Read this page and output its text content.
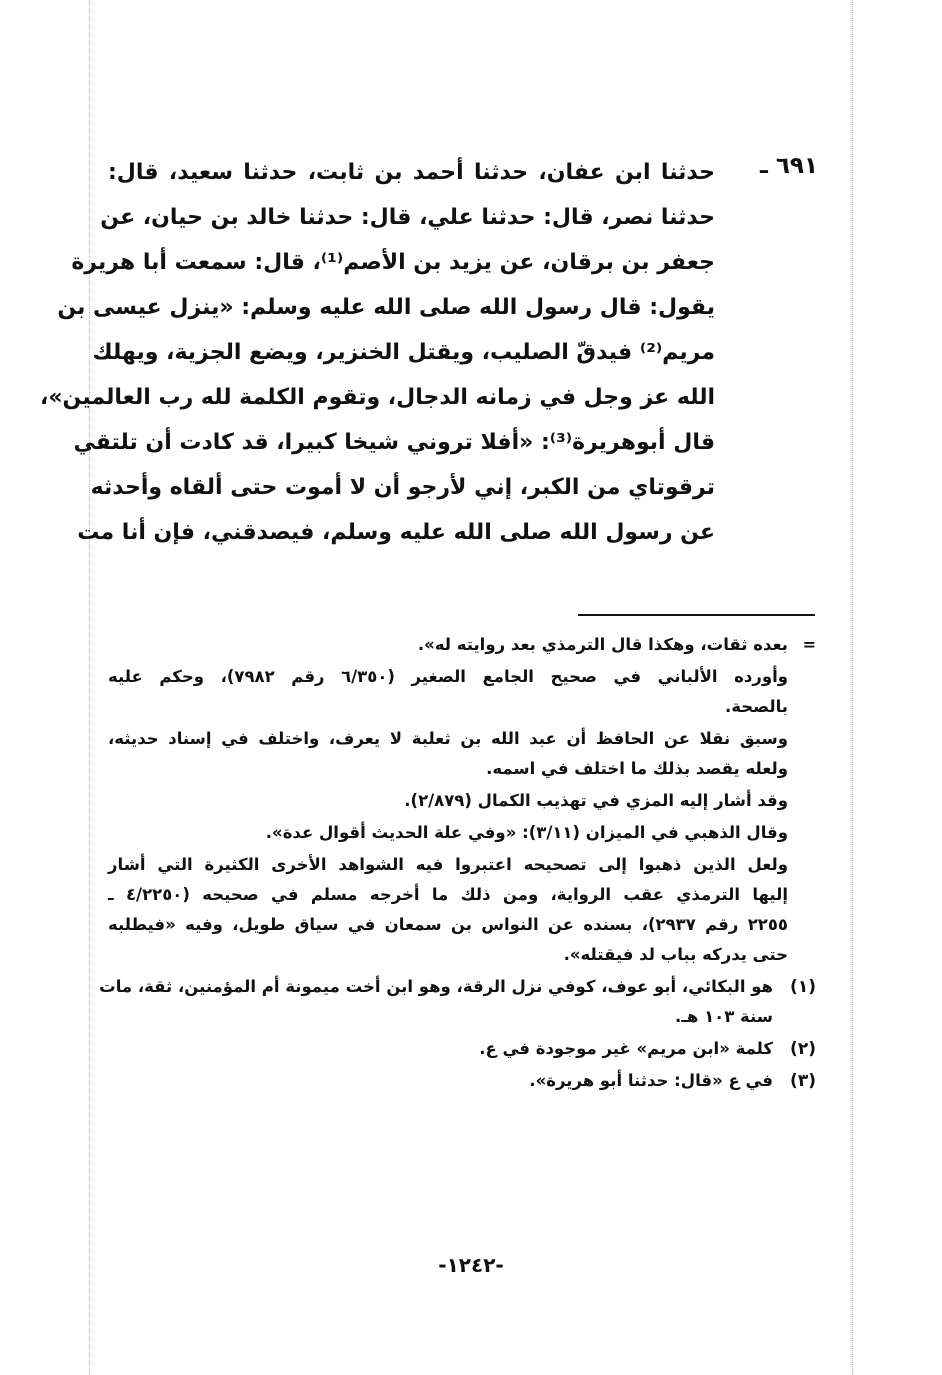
٦٩١ ـ
حدثنا ابن عفان، حدثنا أحمد بن ثابت، حدثنا سعيد، قال:
حدثنا نصر، قال: حدثنا علي، قال: حدثنا خالد بن حيان، عن
جعفر بن برقان، عن يزيد بن الأصم⁽¹⁾، قال: سمعت أبا هريرة
يقول: قال رسول الله صلى الله عليه وسلم: «ينزل عيسى بن
مريم⁽²⁾ فيدقّ الصليب، ويقتل الخنزير، ويضع الجزية، ويهلك
الله عز وجل في زمانه الدجال، وتقوم الكلمة لله رب العالمين»،
قال أبوهريرة⁽³⁾: «أفلا تروني شيخا كبيرا، قد كادت أن تلتقي
ترقوتاي من الكبر، إني لأرجو أن لا أموت حتى ألقاه وأحدثه
عن رسول الله صلى الله عليه وسلم، فيصدقني، فإن أنا مت
=
بعده ثقات، وهكذا قال الترمذي بعد روايته له».
وأورده الألباني في صحيح الجامع الصغير (٦/٣٥٠ رقم ٧٩٨٢)، وحكم عليه
بالصحة.
وسبق نقلا عن الحافظ أن عبد الله بن ثعلبة لا يعرف، واختلف في إسناد حديثه،
ولعله يقصد بذلك ما اختلف في اسمه.
وقد أشار إليه المزي في تهذيب الكمال (٢/٨٧٩).
وقال الذهبي في الميزان (٣/١١): «وفي علة الحديث أقوال عدة».
ولعل الذين ذهبوا إلى تصحيحه اعتبروا فيه الشواهد الأخرى الكثيرة التي أشار
إليها الترمذي عقب الرواية، ومن ذلك ما أخرجه مسلم في صحيحه (٤/٢٢٥٠ ـ
٢٢٥٥ رقم ٢٩٣٧)، بسنده عن النواس بن سمعان في سياق طويل، وفيه «فيطلبه
حتى يدركه بباب لد فيقتله».
(١)
هو البكائي، أبو عوف، كوفي نزل الرقة، وهو ابن أخت ميمونة أم المؤمنين، ثقة، مات
سنة ١٠٣ هـ.
(٢)
كلمة «ابن مريم» غير موجودة في ع.
(٣)
في ع «قال: حدثنا أبو هريرة».
-١٢٤٢-
